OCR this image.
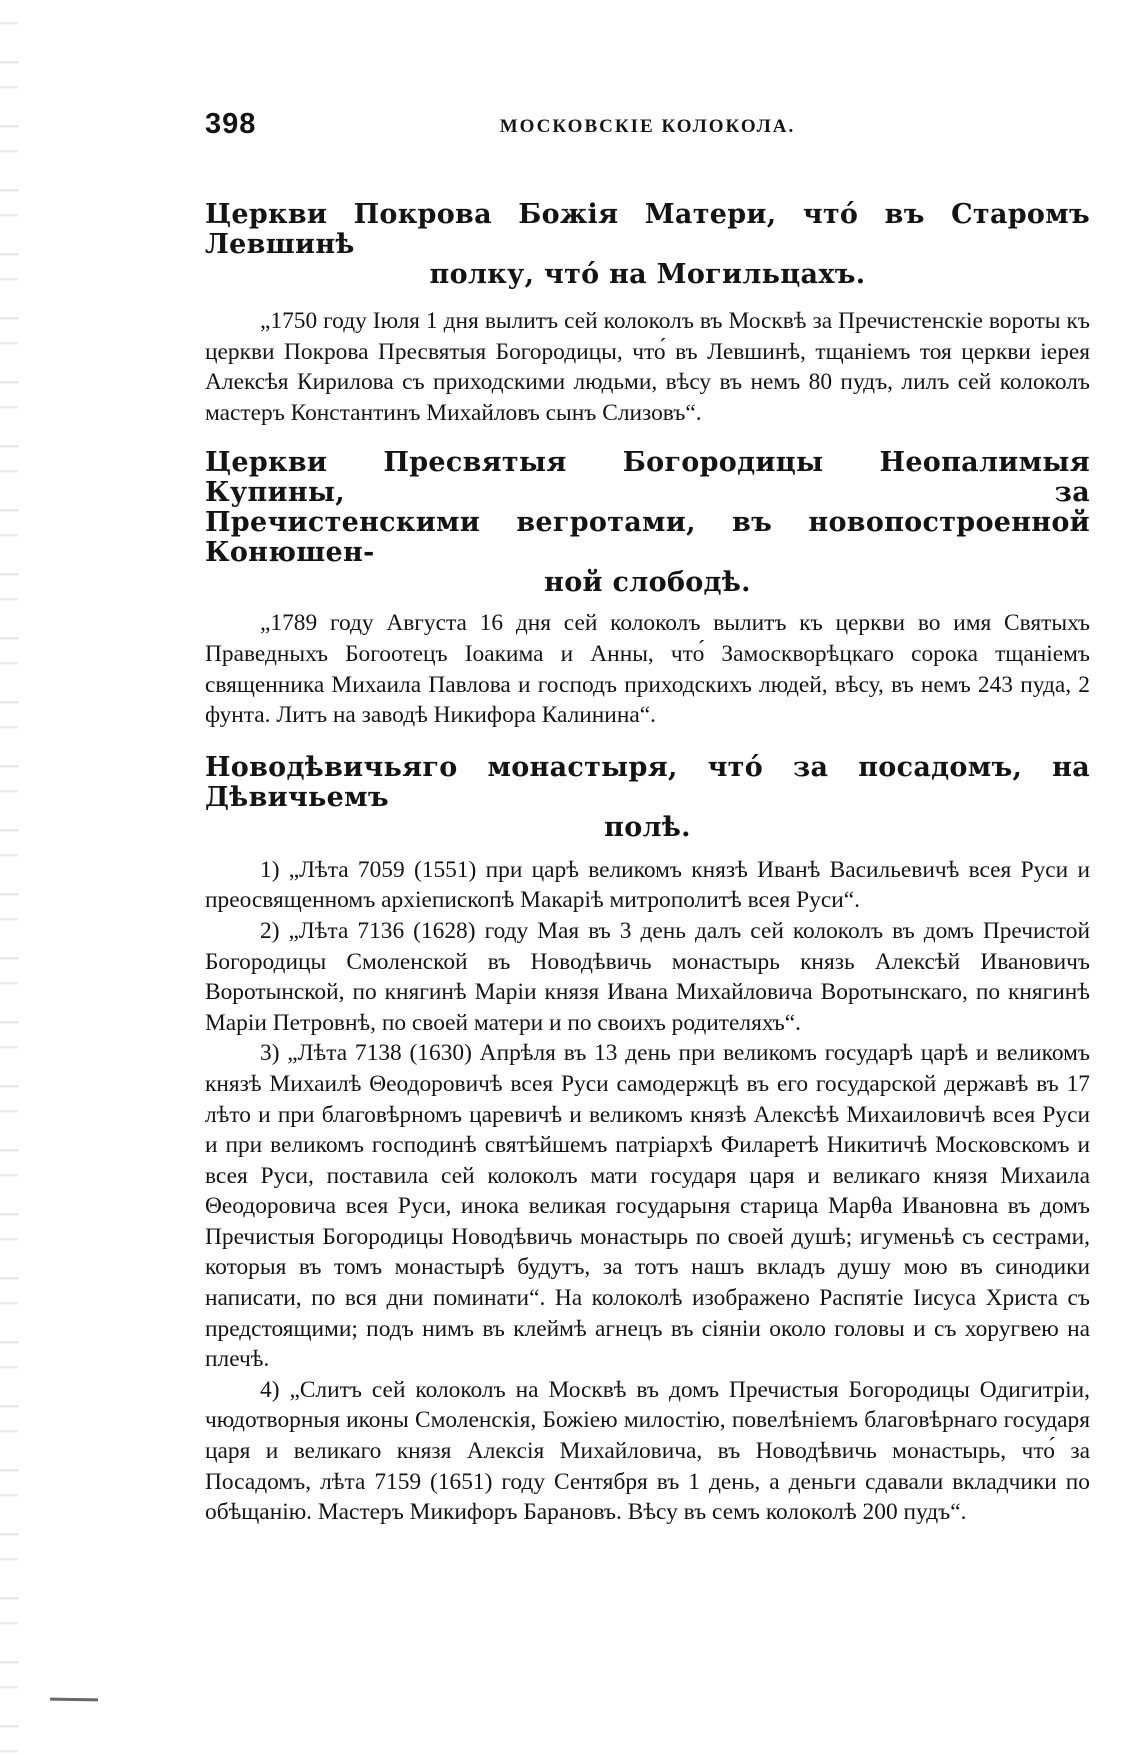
398	МОСКОВСКІЕ КОЛОКОЛА.
Церкви Покрова Божія Матери, что́ въ Старомъ Левшинѣ
полку, что́ на Могильцахъ.

„1750 году Іюля 1 дня вылитъ сей колоколъ въ Москвѣ за Пречистенскіе вороты къ церкви Покрова Пресвятыя Богородицы, что́ въ Левшинѣ, тщаніемъ тоя церкви іерея Алексѣя Кирилова съ приходскими людьми, вѣсу въ немъ 80 пудъ, лилъ сей колоколъ мастеръ Константинъ Михайловъ сынъ Слизовъ“.

Церкви Пресвятыя Богородицы Неопалимыя Купины, за
Пречистенскими вегротами, въ новопостроенной Конюшен-
ной слободѣ.

„1789 году Августа 16 дня сей колоколъ вылитъ къ церкви во имя Святыхъ Праведныхъ Богоотецъ Іоакима и Анны, что́ Замоскворѣцкаго сорока тщаніемъ священника Михаила Павлова и господъ приходскихъ людей, вѣсу, въ немъ 243 пуда, 2 фунта. Литъ на заводѣ Никифора Калинина“.

Новодѣвичьяго монастыря, что́ за посадомъ, на Дѣвичьемъ
полѣ.

1) „Лѣта 7059 (1551) при царѣ великомъ князѣ Иванѣ Васильевичѣ всея Руси и преосвященномъ архіепископѣ Макаріѣ митрополитѣ всея Руси“.

2) „Лѣта 7136 (1628) году Мая въ 3 день далъ сей колоколъ въ домъ Пречистой Богородицы Смоленской въ Новодѣвичь монастырь князь Алексѣй Ивановичъ Воротынской, по княгинѣ Маріи князя Ивана Михайловича Воротынскаго, по княгинѣ Маріи Петровнѣ, по своей матери и по своихъ родителяхъ“.

3) „Лѣта 7138 (1630) Апрѣля въ 13 день при великомъ государѣ царѣ и великомъ князѣ Михаилѣ Θеодоровичѣ всея Руси самодержцѣ въ его государской державѣ въ 17 лѣто и при благовѣрномъ царевичѣ и великомъ князѣ Алексѣѣ Михаиловичѣ всея Руси и при великомъ господинѣ святѣйшемъ патріархѣ Филаретѣ Никитичѣ Московскомъ и всея Руси, поставила сей колоколъ мати государя царя и великаго князя Михаила Θеодоровича всея Руси, инока великая государыня старица Марθа Ивановна въ домъ Пречистыя Богородицы Новодѣвичь монастырь по своей душѣ; игуменьѣ съ сестрами, которыя въ томъ монастырѣ будутъ, за тотъ нашъ вкладъ душу мою въ синодики написати, по вся дни поминати“. На колоколѣ изображено Распятіе Іисуса Христа съ предстоящими; подъ нимъ въ клеймѣ агнецъ въ сіяніи около головы и съ хоругвею на плечѣ.

4) „Слитъ сей колоколъ на Москвѣ въ домъ Пречистыя Богородицы Одигитріи, чюдотворныя иконы Смоленскія, Божіею милостію, повелѣніемъ благовѣрнаго государя царя и великаго князя Алексія Михайловича, въ Новодѣвичь монастырь, что́ за Посадомъ, лѣта 7159 (1651) году Сентября въ 1 день, а деньги сдавали вкладчики по обѣщанію. Мастеръ Микифоръ Барановъ. Вѣсу въ семъ колоколѣ 200 пудъ“.
